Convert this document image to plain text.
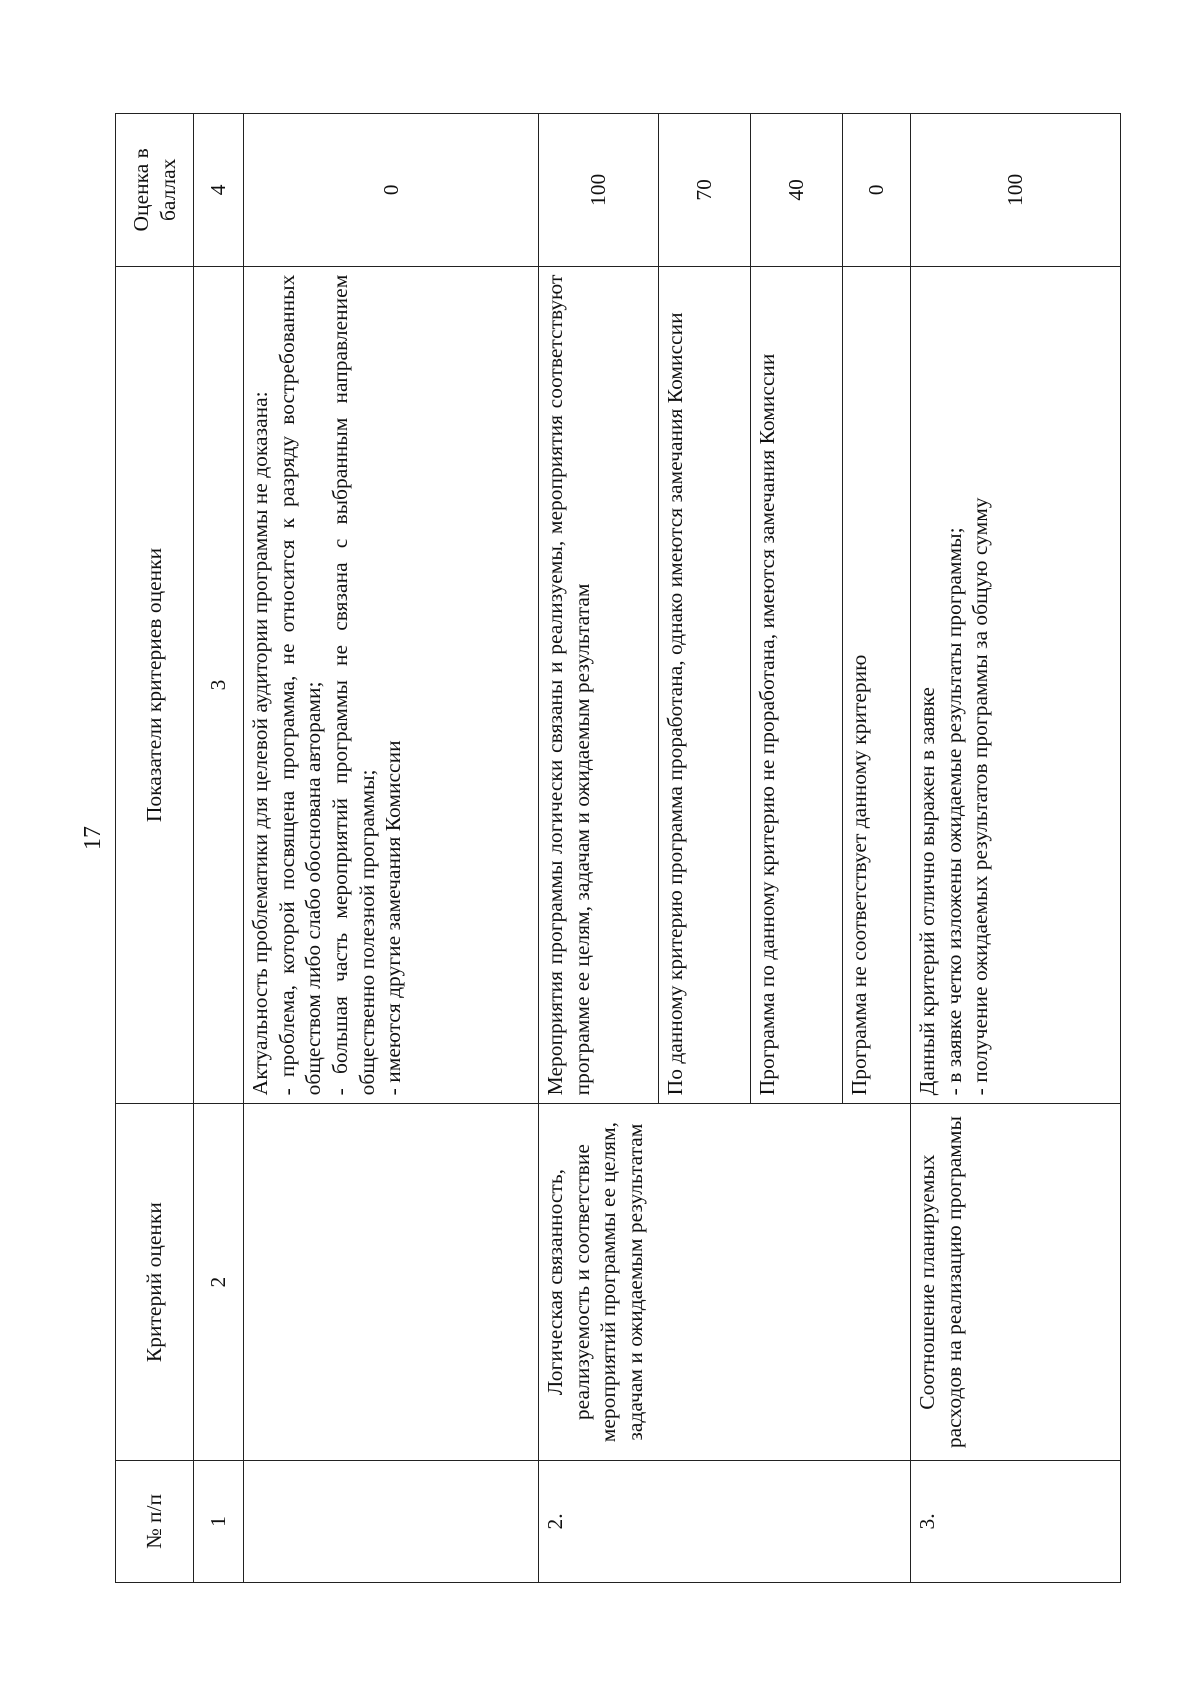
17
№ п/п	Критерий оценки	Показатели критериев оценки	Оценка в баллах
1	2	3	4

		Актуальность проблематики для целевой аудитории программы не доказана: - проблема, которой посвящена программа, не относится к разряду востребованных обществом либо слабо обоснована авторами; - большая часть мероприятий программы не связана с выбранным направлением общественно полезной программы; - имеются другие замечания Комиссии	0
2.	Логическая связанность, реализуемость и соответствие мероприятий программы ее целям, задачам и ожидаемым результатам	Мероприятия программы логически связаны и реализуемы, мероприятия соответствуют программе ее целям, задачам и ожидаемым результатам	100

		По данному критерию программа проработана, однако имеются замечания Комиссии	70

		Программа по данному критерию не проработана, имеются замечания Комиссии	40

		Программа не соответствует данному критерию	0
3.	Соотношение планируемых расходов на реализацию программы	Данный критерий отлично выражен в заявке - в заявке четко изложены ожидаемые результаты программы; - получение ожидаемых результатов программы за общую сумму	100
